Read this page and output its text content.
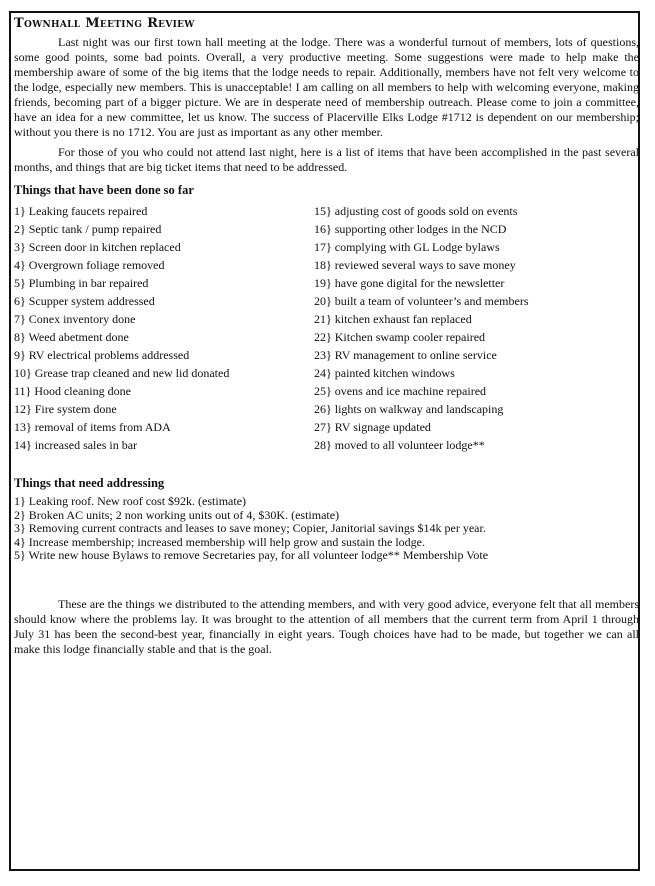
Townhall Meeting Review

Last night was our first town hall meeting at the lodge. There was a wonderful turnout of members, lots of questions, some good points, some bad points. Overall, a very productive meeting. Some suggestions were made to help make the membership aware of some of the big items that the lodge needs to repair. Additionally, members have not felt very welcome to the lodge, especially new members. This is unacceptable! I am calling on all members to help with welcoming everyone, making friends, becoming part of a bigger picture. We are in desperate need of membership outreach. Please come to join a committee, have an idea for a new committee, let us know. The success of Placerville Elks Lodge #1712 is dependent on our membership; without you there is no 1712. You are just as important as any other member.

For those of you who could not attend last night, here is a list of items that have been accomplished in the past several months, and things that are big ticket items that need to be addressed.

Things that have been done so far
1} Leaking faucets repaired
2} Septic tank / pump repaired
3} Screen door in kitchen replaced
4} Overgrown foliage removed
5} Plumbing in bar repaired
6} Scupper system addressed
7} Conex inventory done
8} Weed abetment done
9} RV electrical problems addressed
10} Grease trap cleaned and new lid donated
11} Hood cleaning done
12} Fire system done
13} removal of items from ADA
14} increased sales in bar
15} adjusting cost of goods sold on events
16} supporting other lodges in the NCD
17} complying with GL Lodge bylaws
18} reviewed several ways to save money
19} have gone digital for the newsletter
20} built a team of volunteer’s and members
21} kitchen exhaust fan replaced
22} Kitchen swamp cooler repaired
23} RV management to online service
24} painted kitchen windows
25} ovens and ice machine repaired
26} lights on walkway and landscaping
27} RV signage updated
28} moved to all volunteer lodge**
Things that need addressing
1} Leaking roof. New roof cost $92k. (estimate)
2} Broken AC units; 2 non working units out of 4, $30K. (estimate)
3} Removing current contracts and leases to save money; Copier, Janitorial savings $14k per year.
4} Increase membership; increased membership will help grow and sustain the lodge.
5} Write new house Bylaws to remove Secretaries pay, for all volunteer lodge** Membership Vote

These are the things we distributed to the attending members, and with very good advice, everyone felt that all members should know where the problems lay. It was brought to the attention of all members that the current term from April 1 through July 31 has been the second-best year, financially in eight years. Tough choices have had to be made, but together we can all make this lodge financially stable and that is the goal.
